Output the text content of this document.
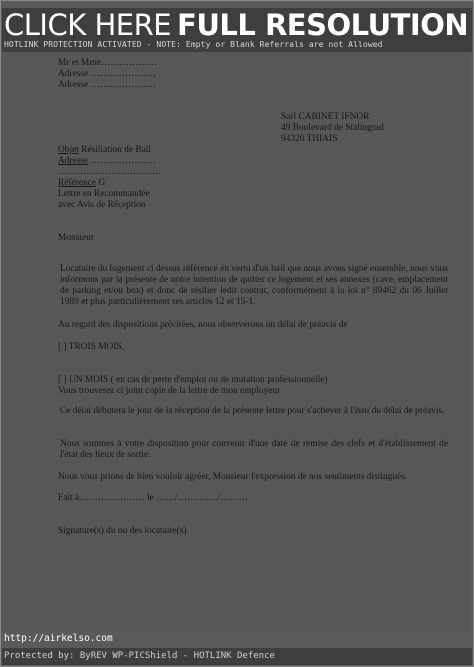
CLICK HERE FULL RESOLUTION
HOTLINK PROTECTION ACTIVATED - NOTE: Empty or Blank Referrals are not Allowed
Mr et Mme………………
Adresse …………………
Adresse …………………
Sarl CABINET IFNOR
49 Boulevard de Stalingrad
94320 THIAIS
Objet Résiliation de Bail
Adresse …………………
……………………………
Référence G
Lettre en Recommandée
avec Avis de Réception
Monsieur
Locataire du logement ci dessus référencé en vertu d'un bail que nous avons signé ensemble, nous vous informons par la présente de notre intention de quitter ce logement et ses annexes (cave, emplacement de parking et/ou box) et donc de résilier ledit contrat, conformément à la loi n° 89462 du 06 Juillet 1989 et plus particulièrement ses articles 12 et 15-1.
Au regard des dispositions précitées, nous observerons un délai de préavis de
[ ] TROIS MOIS.
[ ] UN MOIS ( en cas de perte d'emploi ou de mutation professionnelle)
Vous trouverez ci joint copie de la lettre de mon employeur
Ce délai débutera le jour de la réception de la présente lettre pour s'achever à l'issu du délai de préavis.
Nous sommes à votre disposition pour convenir d'une date de remise des clefs et d'établissement de l'état des lieux de sortie.
Nous vous prions de bien vouloir agréer, Monsieur l'expression de nos sentiments distingués.
Fait à………………… le ……/…………./………
Signature(s) du ou des locataire(s)
http://airkelso.com
Protected by: ByREV WP-PICShield - HOTLINK Defence
